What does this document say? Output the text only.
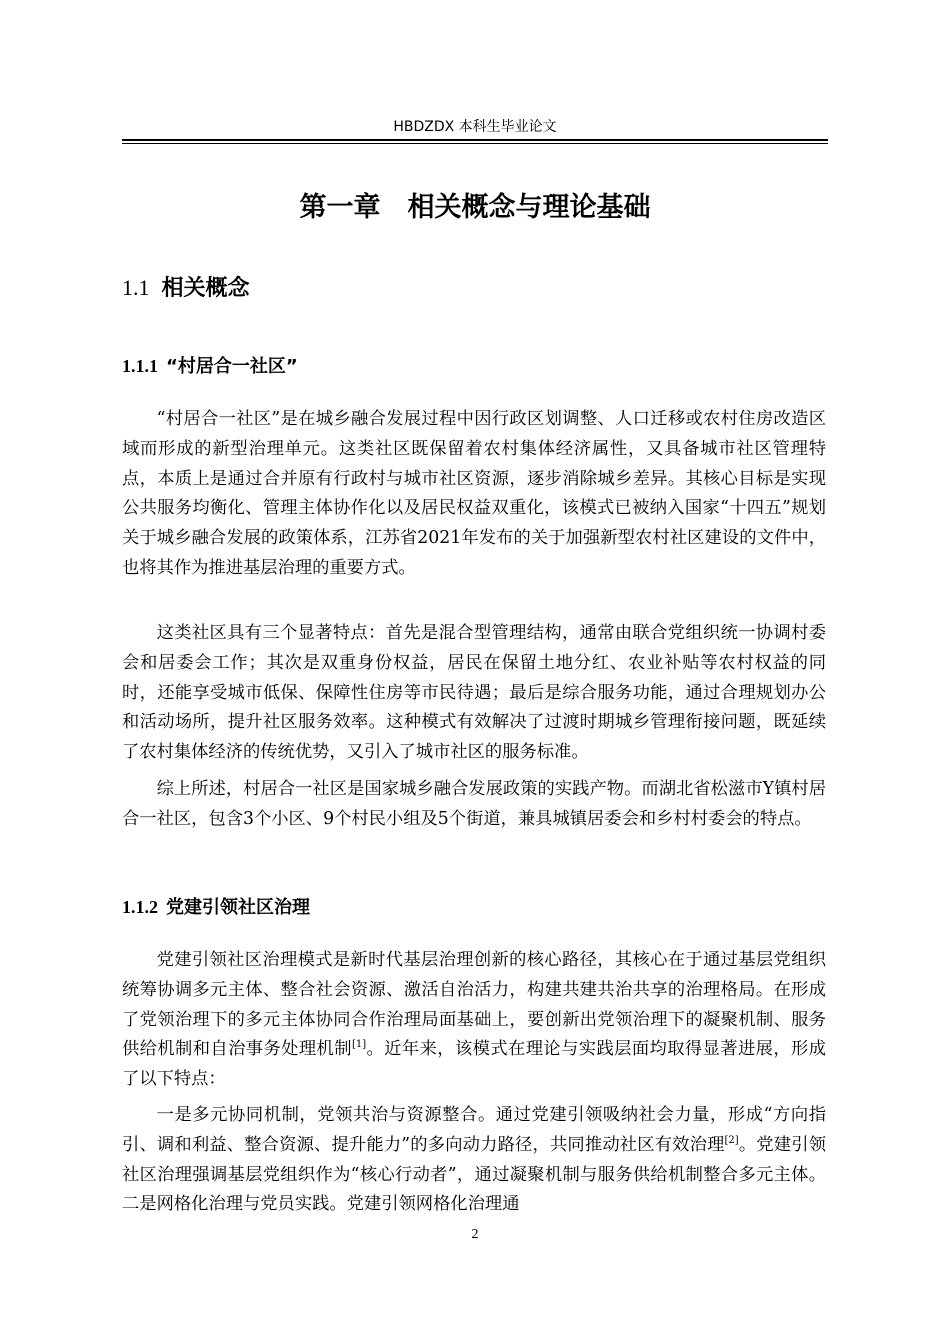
HBDZDX 本科生毕业论文
第一章　相关概念与理论基础
1.1 相关概念
1.1.1 “村居合一社区”

“村居合一社区”是在城乡融合发展过程中因行政区划调整、人口迁移或农村住房改造区域而形成的新型治理单元。这类社区既保留着农村集体经济属性，又具备城市社区管理特点，本质上是通过合并原有行政村与城市社区资源，逐步消除城乡差异。其核心目标是实现公共服务均衡化、管理主体协作化以及居民权益双重化，该模式已被纳入国家“十四五”规划关于城乡融合发展的政策体系，江苏省2021年发布的关于加强新型农村社区建设的文件中，也将其作为推进基层治理的重要方式。

这类社区具有三个显著特点：首先是混合型管理结构，通常由联合党组织统一协调村委会和居委会工作；其次是双重身份权益，居民在保留土地分红、农业补贴等农村权益的同时，还能享受城市低保、保障性住房等市民待遇；最后是综合服务功能，通过合理规划办公和活动场所，提升社区服务效率。这种模式有效解决了过渡时期城乡管理衔接问题，既延续了农村集体经济的传统优势，又引入了城市社区的服务标准。

综上所述，村居合一社区是国家城乡融合发展政策的实践产物。而湖北省松滋市Y镇村居合一社区，包含3个小区、9个村民小组及5个街道，兼具城镇居委会和乡村村委会的特点。

1.1.2 党建引领社区治理

党建引领社区治理模式是新时代基层治理创新的核心路径，其核心在于通过基层党组织统筹协调多元主体、整合社会资源、激活自治活力，构建共建共治共享的治理格局。在形成了党领治理下的多元主体协同合作治理局面基础上，要创新出党领治理下的凝聚机制、服务供给机制和自治事务处理机制[1]。近年来，该模式在理论与实践层面均取得显著进展，形成了以下特点：

一是多元协同机制，党领共治与资源整合。通过党建引领吸纳社会力量，形成“方向指引、调和利益、整合资源、提升能力”的多向动力路径，共同推动社区有效治理[2]。党建引领社区治理强调基层党组织作为“核心行动者”，通过凝聚机制与服务供给机制整合多元主体。二是网格化治理与党员实践。党建引领网格化治理通

2
